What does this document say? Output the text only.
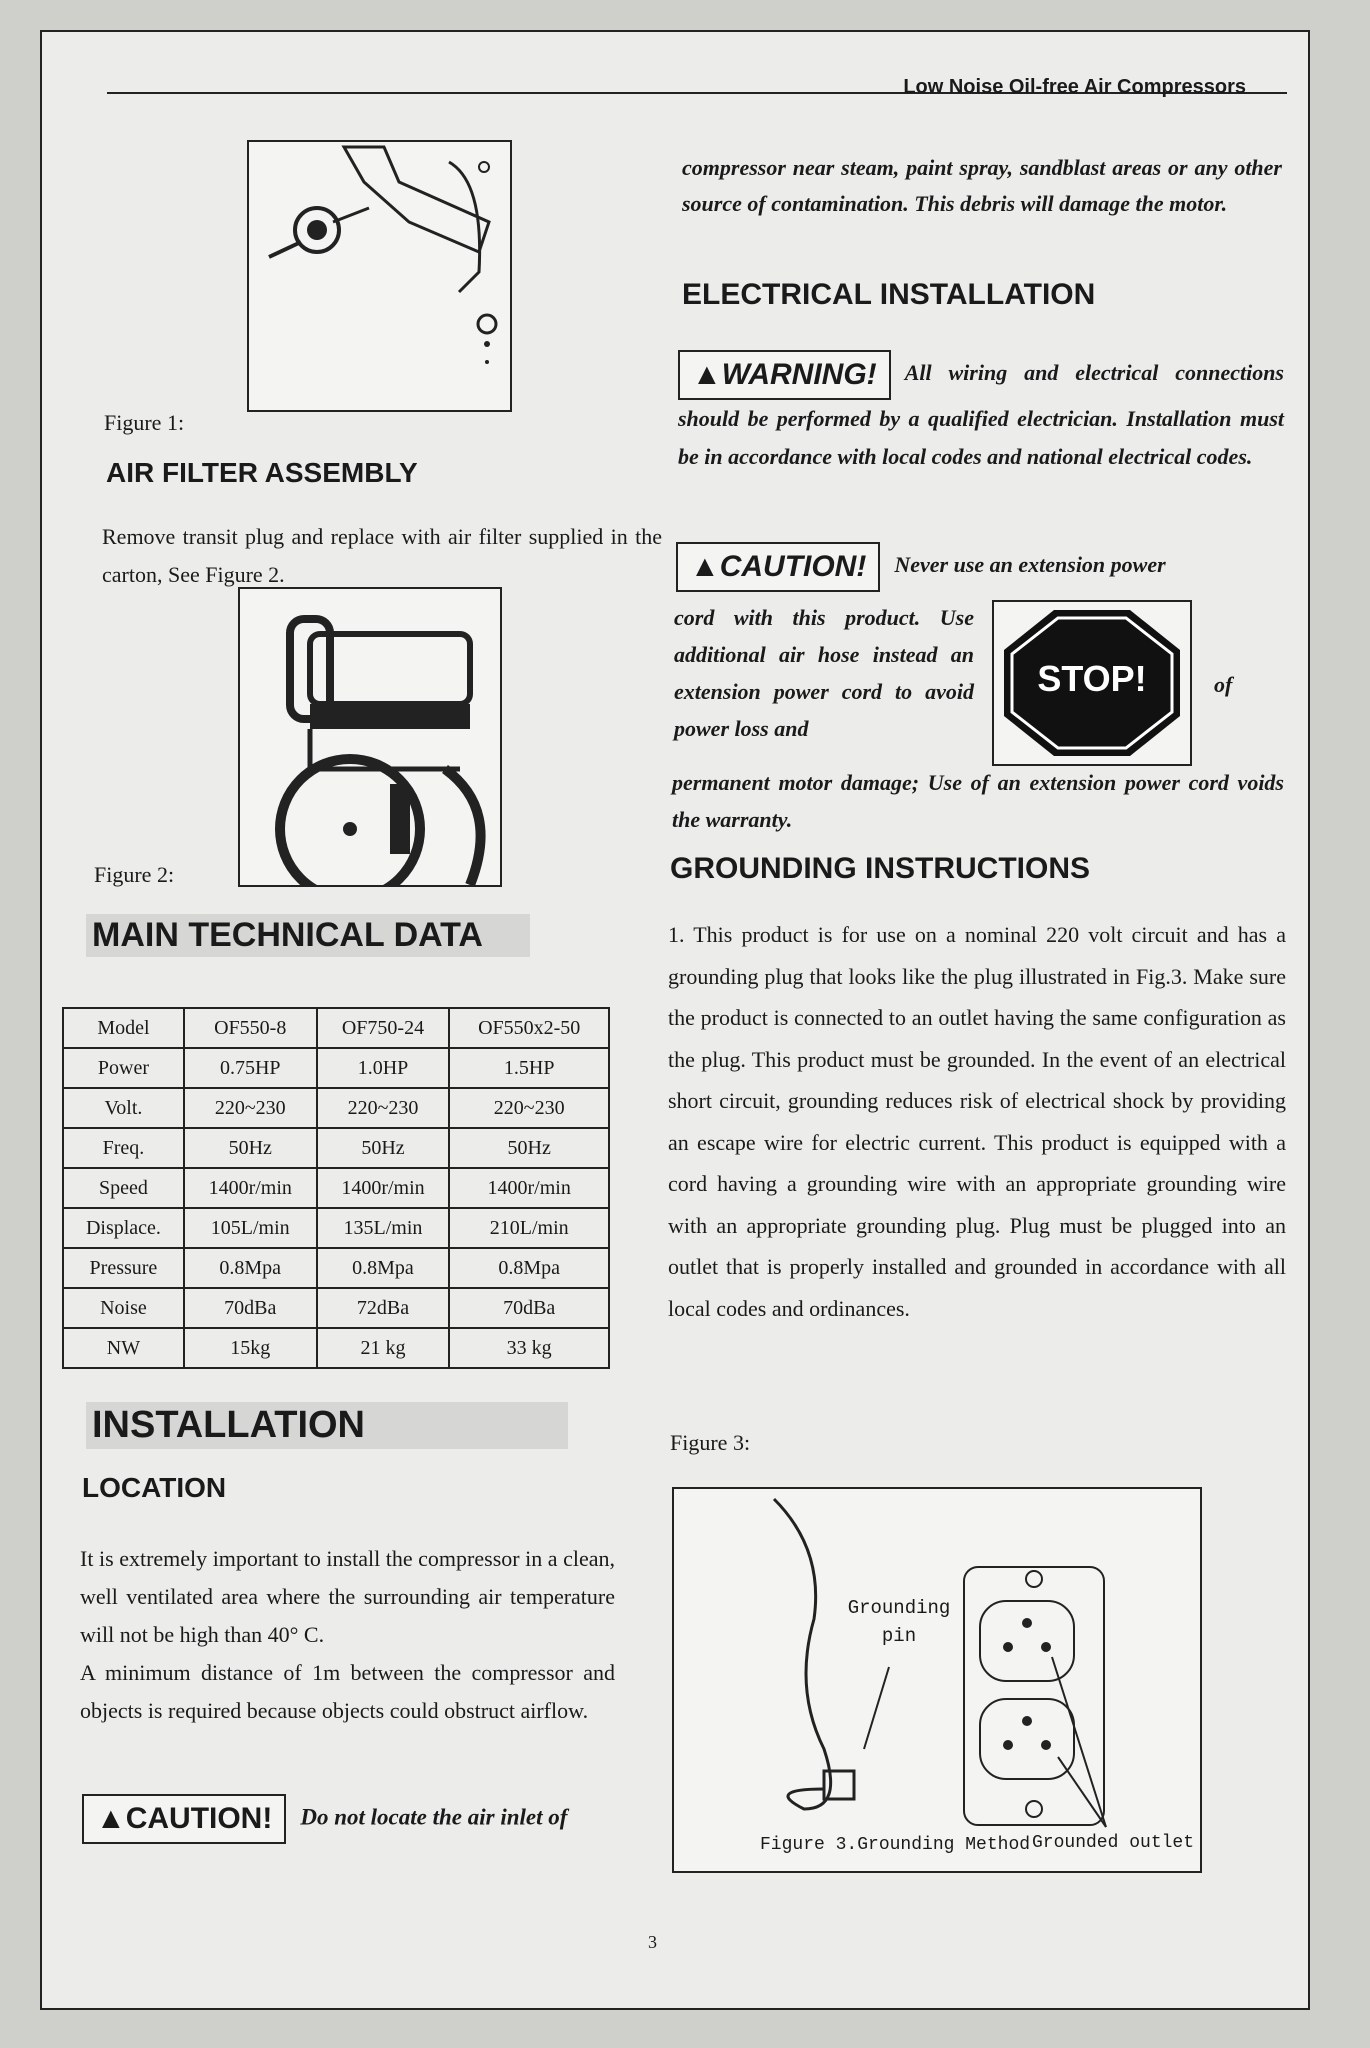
Low Noise Oil-free Air Compressors
Figure 1:
AIR FILTER ASSEMBLY
Remove transit plug and replace with air filter supplied in the carton, See Figure 2.
Figure 2:
MAIN TECHNICAL DATA
Model	OF550-8	OF750-24	OF550x2-50
Power	0.75HP	1.0HP	1.5HP
Volt.	220~230	220~230	220~230
Freq.	50Hz	50Hz	50Hz
Speed	1400r/min	1400r/min	1400r/min
Displace.	105L/min	135L/min	210L/min
Pressure	0.8Mpa	0.8Mpa	0.8Mpa
Noise	70dBa	72dBa	70dBa
NW	15kg	21 kg	33 kg
INSTALLATION
LOCATION
It is extremely important to install the compressor in a clean, well ventilated area where the surrounding air temperature will not be high than 40° C.
A minimum distance of 1m between the compressor and objects is required because objects could obstruct airflow.
▲CAUTION! Do not locate the air inlet of
compressor near steam, paint spray, sandblast areas or any other source of contamination. This debris will damage the motor.
ELECTRICAL INSTALLATION
▲WARNING! All wiring and electrical connections should be performed by a qualified electrician. Installation must be in accordance with local codes and national electrical codes.
▲CAUTION! Never use an extension power
cord with this product. Use additional air hose instead an extension power cord to avoid power loss and
STOP!	of
permanent motor damage; Use of an extension power cord voids the warranty.
GROUNDING INSTRUCTIONS
1. This product is for use on a nominal 220 volt circuit and has a grounding plug that looks like the plug illustrated in Fig.3. Make sure the product is connected to an outlet having the same configuration as the plug. This product must be grounded. In the event of an electrical short circuit, grounding reduces risk of electrical shock by providing an escape wire for electric current. This product is equipped with a cord having a grounding wire with an appropriate grounding wire with an appropriate grounding plug. Plug must be plugged into an outlet that is properly installed and grounded in accordance with all local codes and ordinances.
Figure 3:
Grounding pin
Figure 3.Grounding Method Grounded outlet
3
